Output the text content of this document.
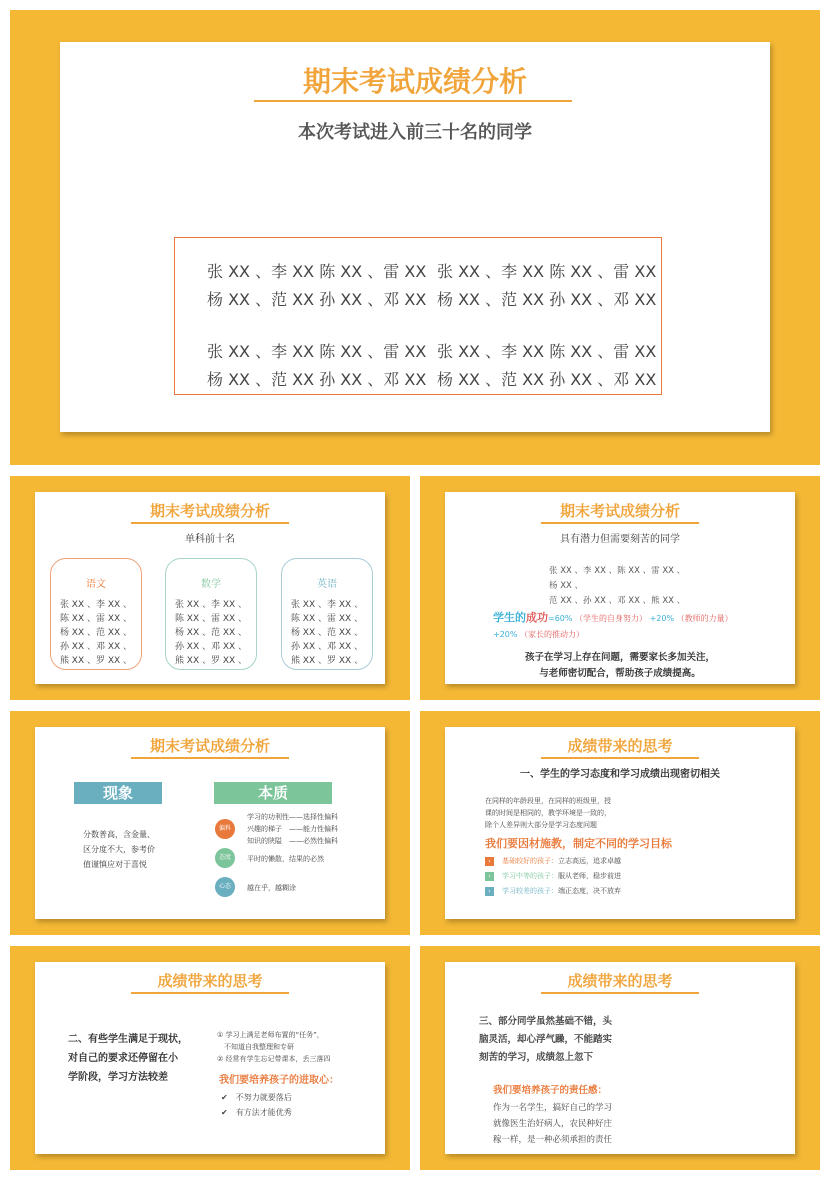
期末考试成绩分析
本次考试进入前三十名的同学
张 XX 、李 XX 陈 XX 、雷 XX
杨 XX 、范 XX 孙 XX 、邓 XX
张 XX 、李 XX 陈 XX 、雷 XX
杨 XX 、范 XX 孙 XX 、邓 XX
张 XX 、李 XX 陈 XX 、雷 XX
杨 XX 、范 XX 孙 XX 、邓 XX
张 XX 、李 XX 陈 XX 、雷 XX
杨 XX 、范 XX 孙 XX 、邓 XX
期末考试成绩分析
单科前十名
语文
张 XX 、李 XX 、
陈 XX 、雷 XX 、
杨 XX 、范 XX 、
孙 XX 、邓 XX 、
熊 XX 、罗 XX 、
数学
张 XX 、李 XX 、
陈 XX 、雷 XX 、
杨 XX 、范 XX 、
孙 XX 、邓 XX 、
熊 XX 、罗 XX 、
英语
张 XX 、李 XX 、
陈 XX 、雷 XX 、
杨 XX 、范 XX 、
孙 XX 、邓 XX 、
熊 XX 、罗 XX 、
期末考试成绩分析
具有潜力但需要刻苦的同学
张 XX 、李 XX 、陈 XX 、雷 XX 、
杨 XX 、
范 XX 、孙 XX 、邓 XX 、熊 XX 、
学生的成功=60% （学生的自身努力） +20% （教师的力量） +20% （家长的推动力）
孩子在学习上存在问题，需要家长多加关注，
与老师密切配合，帮助孩子成绩提高。
期末考试成绩分析
现象	本质
分数普高，含金量、
区分度不大，参考价
值谨慎应对于喜悦
偏科
学习的功利性——选择性偏科
兴趣的梯子　——能力性偏科
知识的陕隘　——必然性偏科
态度	平时的懒散，结果的必然
心态	越在乎，越糊涂
成绩带来的思考
一、学生的学习态度和学习成绩出现密切相关
在同样的年龄段里，在同样的班级里，授
课的时间是相同的，教学环境是一致的，
除个人差异则大部分是学习态度问题
我们要因材施教，制定不同的学习目标
› 基础较好的孩子：立志高远，追求卓越
› 学习中等的孩子：服从老师，稳步前进
› 学习较差的孩子：端正态度，决不放弃
成绩带来的思考
二、有些学生满足于现状，
对自己的要求还停留在小
学阶段，学习方法较差
① 学习上满足老师布置的“任务”，
　不知道自我整理和专研
② 经常有学生忘记带课本，丢三落四
我们要培养孩子的进取心：
✔　不努力就要落后
✔　有方法才能优秀
成绩带来的思考
三、部分同学虽然基础不错，头
脑灵活，却心浮气躁，不能踏实
刻苦的学习，成绩忽上忽下
我们要培养孩子的责任感：
作为一名学生，搞好自己的学习
就像医生治好病人，农民种好庄
稼一样，是一种必须承担的责任
